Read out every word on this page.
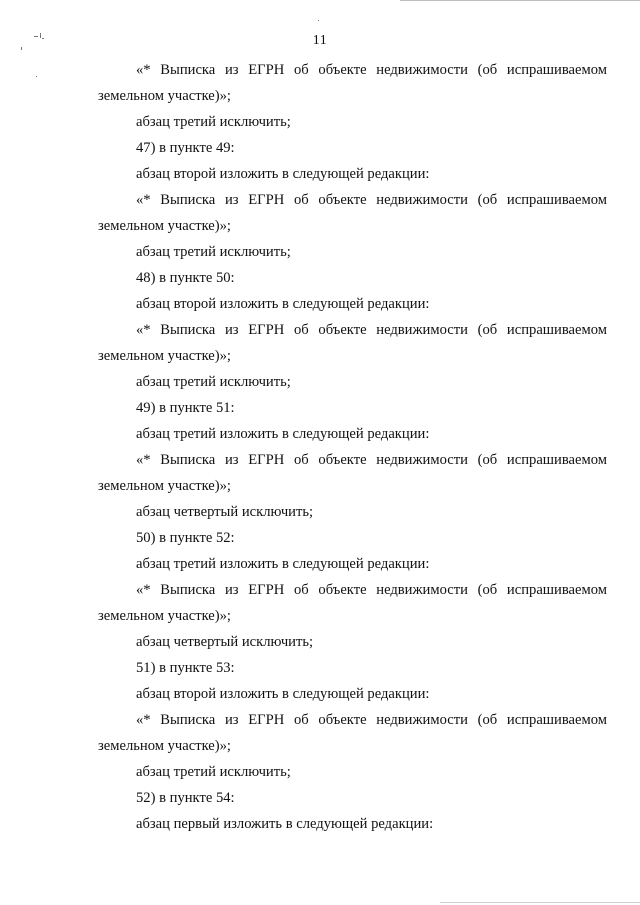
11

«* Выписка из ЕГРН об объекте недвижимости (об испрашиваемом

земельном участке)»;

абзац третий исключить;

47) в пункте 49:

абзац второй изложить в следующей редакции:

«* Выписка из ЕГРН об объекте недвижимости (об испрашиваемом

земельном участке)»;

абзац третий исключить;

48) в пункте 50:

абзац второй изложить в следующей редакции:

«* Выписка из ЕГРН об объекте недвижимости (об испрашиваемом

земельном участке)»;

абзац третий исключить;

49) в пункте 51:

абзац третий изложить в следующей редакции:

«* Выписка из ЕГРН об объекте недвижимости (об испрашиваемом

земельном участке)»;

абзац четвертый исключить;

50) в пункте 52:

абзац третий изложить в следующей редакции:

«* Выписка из ЕГРН об объекте недвижимости (об испрашиваемом

земельном участке)»;

абзац четвертый исключить;

51) в пункте 53:

абзац второй изложить в следующей редакции:

«* Выписка из ЕГРН об объекте недвижимости (об испрашиваемом

земельном участке)»;

абзац третий исключить;

52) в пункте 54:

абзац первый изложить в следующей редакции:
